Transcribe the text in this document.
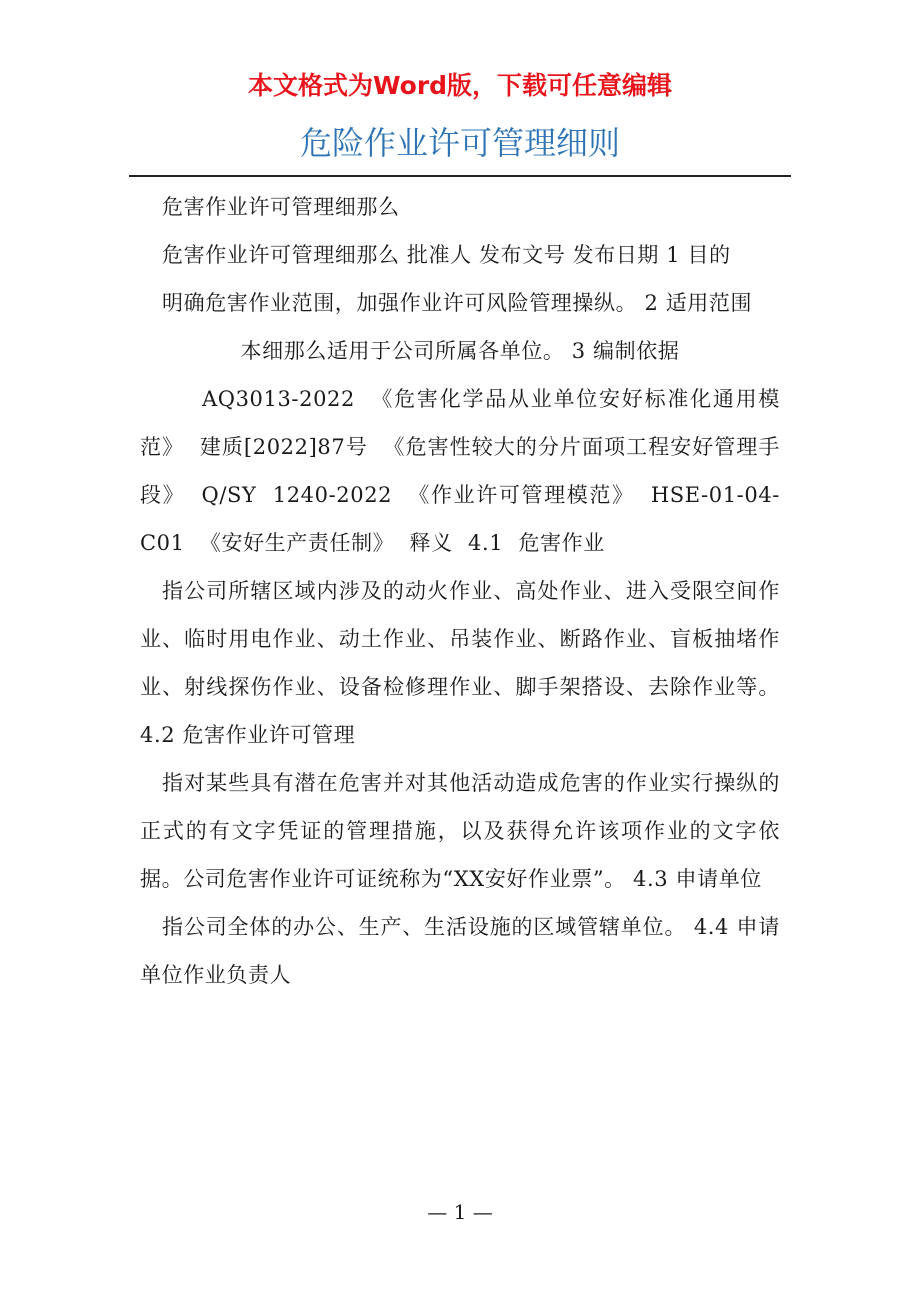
本文格式为Word版，下载可任意编辑
危险作业许可管理细则

危害作业许可管理细那么

危害作业许可管理细那么 批准人 发布文号 发布日期 1 目的

明确危害作业范围，加强作业许可风险管理操纵。 2 适用范围

本细那么适用于公司所属各单位。 3 编制依据

AQ3013-2022 《危害化学品从业单位安好标准化通用模范》 建质[2022]87号 《危害性较大的分片面项工程安好管理手段》 Q/SY 1240-2022 《作业许可管理模范》 HSE-01-04-C01 《安好生产责任制》 释义 4.1 危害作业

指公司所辖区域内涉及的动火作业、高处作业、进入受限空间作业、临时用电作业、动土作业、吊装作业、断路作业、盲板抽堵作业、射线探伤作业、设备检修理作业、脚手架搭设、去除作业等。 4.2 危害作业许可管理

指对某些具有潜在危害并对其他活动造成危害的作业实行操纵的正式的有文字凭证的管理措施，以及获得允许该项作业的文字依据。公司危害作业许可证统称为“XX安好作业票”。 4.3 申请单位

指公司全体的办公、生产、生活设施的区域管辖单位。 4.4 申请单位作业负责人

— 1 —
